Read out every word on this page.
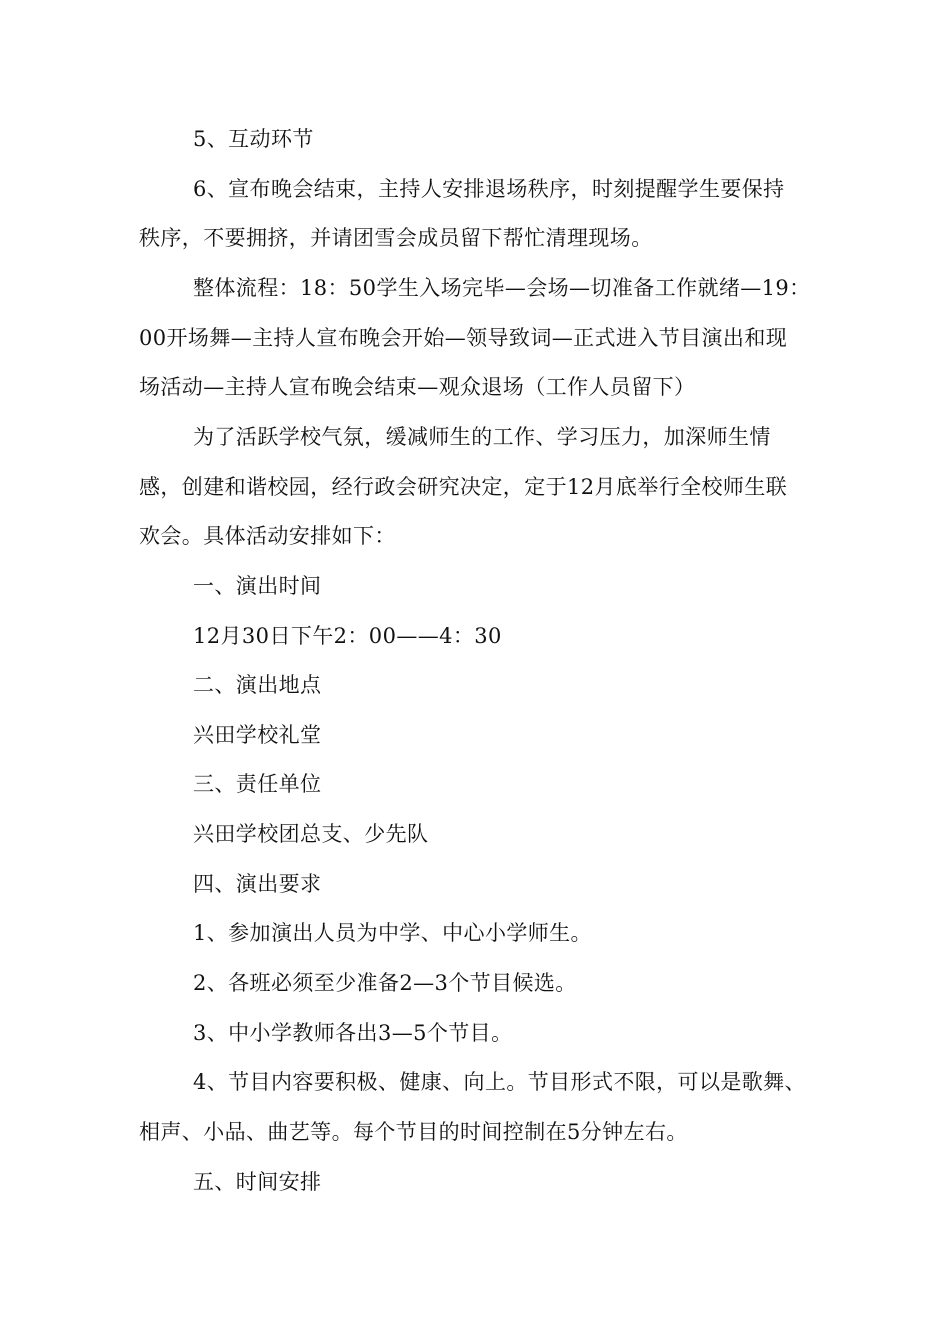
5、互动环节
6、宣布晚会结束，主持人安排退场秩序，时刻提醒学生要保持
秩序，不要拥挤，并请团雪会成员留下帮忙清理现场。
整体流程：18：50学生入场完毕—会场—切准备工作就绪—19：
00开场舞—主持人宣布晚会开始—领导致词—正式进入节目演出和现
场活动—主持人宣布晚会结束—观众退场（工作人员留下）
为了活跃学校气氛，缓减师生的工作、学习压力，加深师生情
感，创建和谐校园，经行政会研究决定，定于12月底举行全校师生联
欢会。具体活动安排如下：
一、演出时间
12月30日下午2：00——4：30
二、演出地点
兴田学校礼堂
三、责任单位
兴田学校团总支、少先队
四、演出要求
1、参加演出人员为中学、中心小学师生。
2、各班必须至少准备2—3个节目候选。
3、中小学教师各出3—5个节目。
4、节目内容要积极、健康、向上。节目形式不限，可以是歌舞、
相声、小品、曲艺等。每个节目的时间控制在5分钟左右。
五、时间安排
